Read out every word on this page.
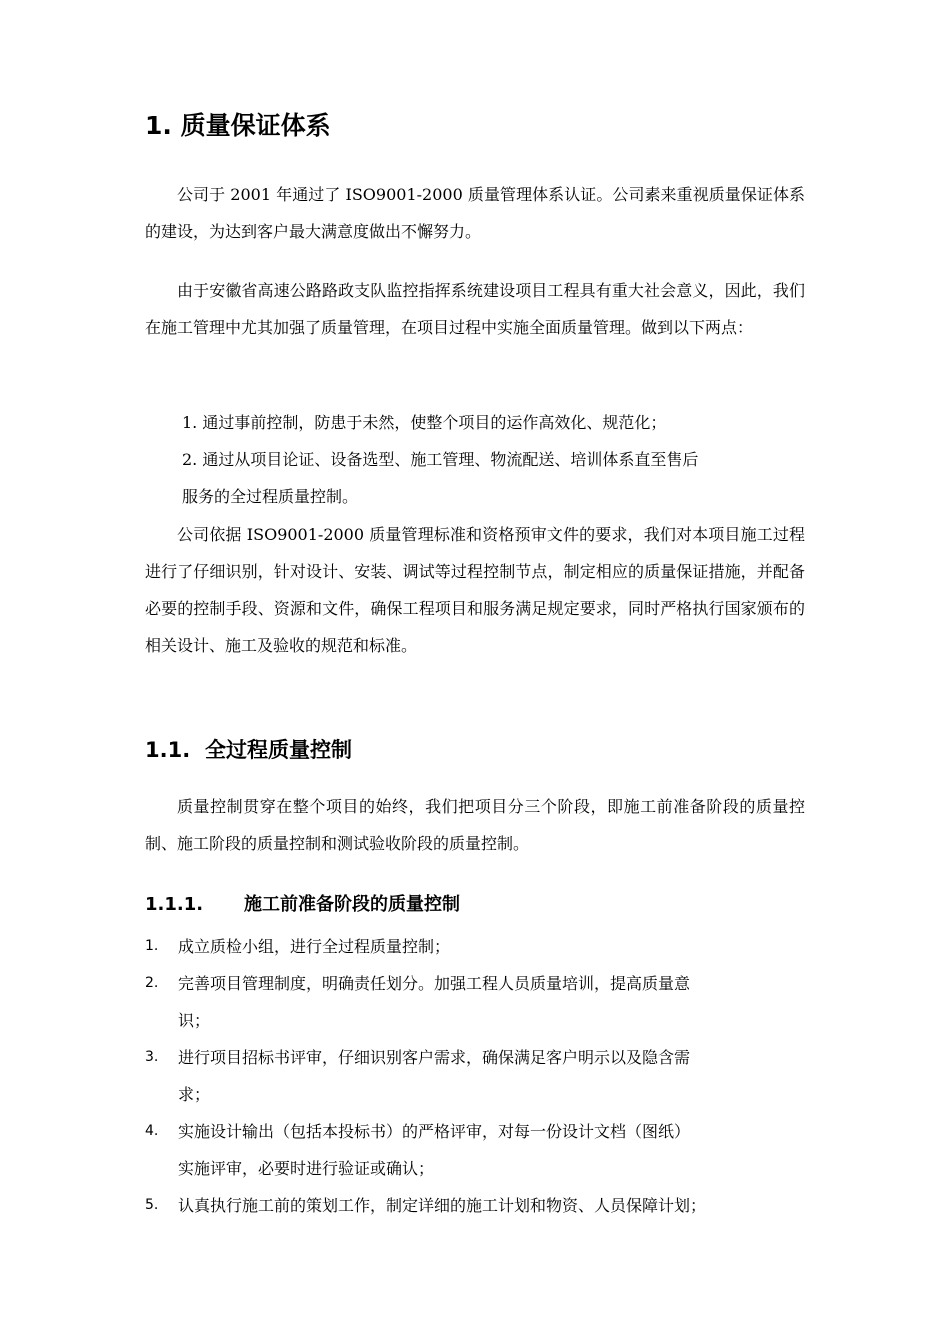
1. 质量保证体系
公司于 2001 年通过了 ISO9001-2000 质量管理体系认证。公司素来重视质量保证体系的建设，为达到客户最大满意度做出不懈努力。
由于安徽省高速公路路政支队监控指挥系统建设项目工程具有重大社会意义，因此，我们在施工管理中尤其加强了质量管理，在项目过程中实施全面质量管理。做到以下两点：
1. 通过事前控制，防患于未然，使整个项目的运作高效化、规范化；
2. 通过从项目论证、设备选型、施工管理、物流配送、培训体系直至售后
服务的全过程质量控制。
公司依据 ISO9001-2000 质量管理标准和资格预审文件的要求，我们对本项目施工过程进行了仔细识别，针对设计、安装、调试等过程控制节点，制定相应的质量保证措施，并配备必要的控制手段、资源和文件，确保工程项目和服务满足规定要求，同时严格执行国家颁布的相关设计、施工及验收的规范和标准。
1.1. 全过程质量控制
质量控制贯穿在整个项目的始终，我们把项目分三个阶段，即施工前准备阶段的质量控制、施工阶段的质量控制和测试验收阶段的质量控制。
1.1.1. 施工前准备阶段的质量控制
1.	成立质检小组，进行全过程质量控制；
2.	完善项目管理制度，明确责任划分。加强工程人员质量培训，提高质量意
识；
3.	进行项目招标书评审，仔细识别客户需求，确保满足客户明示以及隐含需
求；
4.	实施设计输出（包括本投标书）的严格评审，对每一份设计文档（图纸）
实施评审，必要时进行验证或确认；
5.	认真执行施工前的策划工作，制定详细的施工计划和物资、人员保障计划；
